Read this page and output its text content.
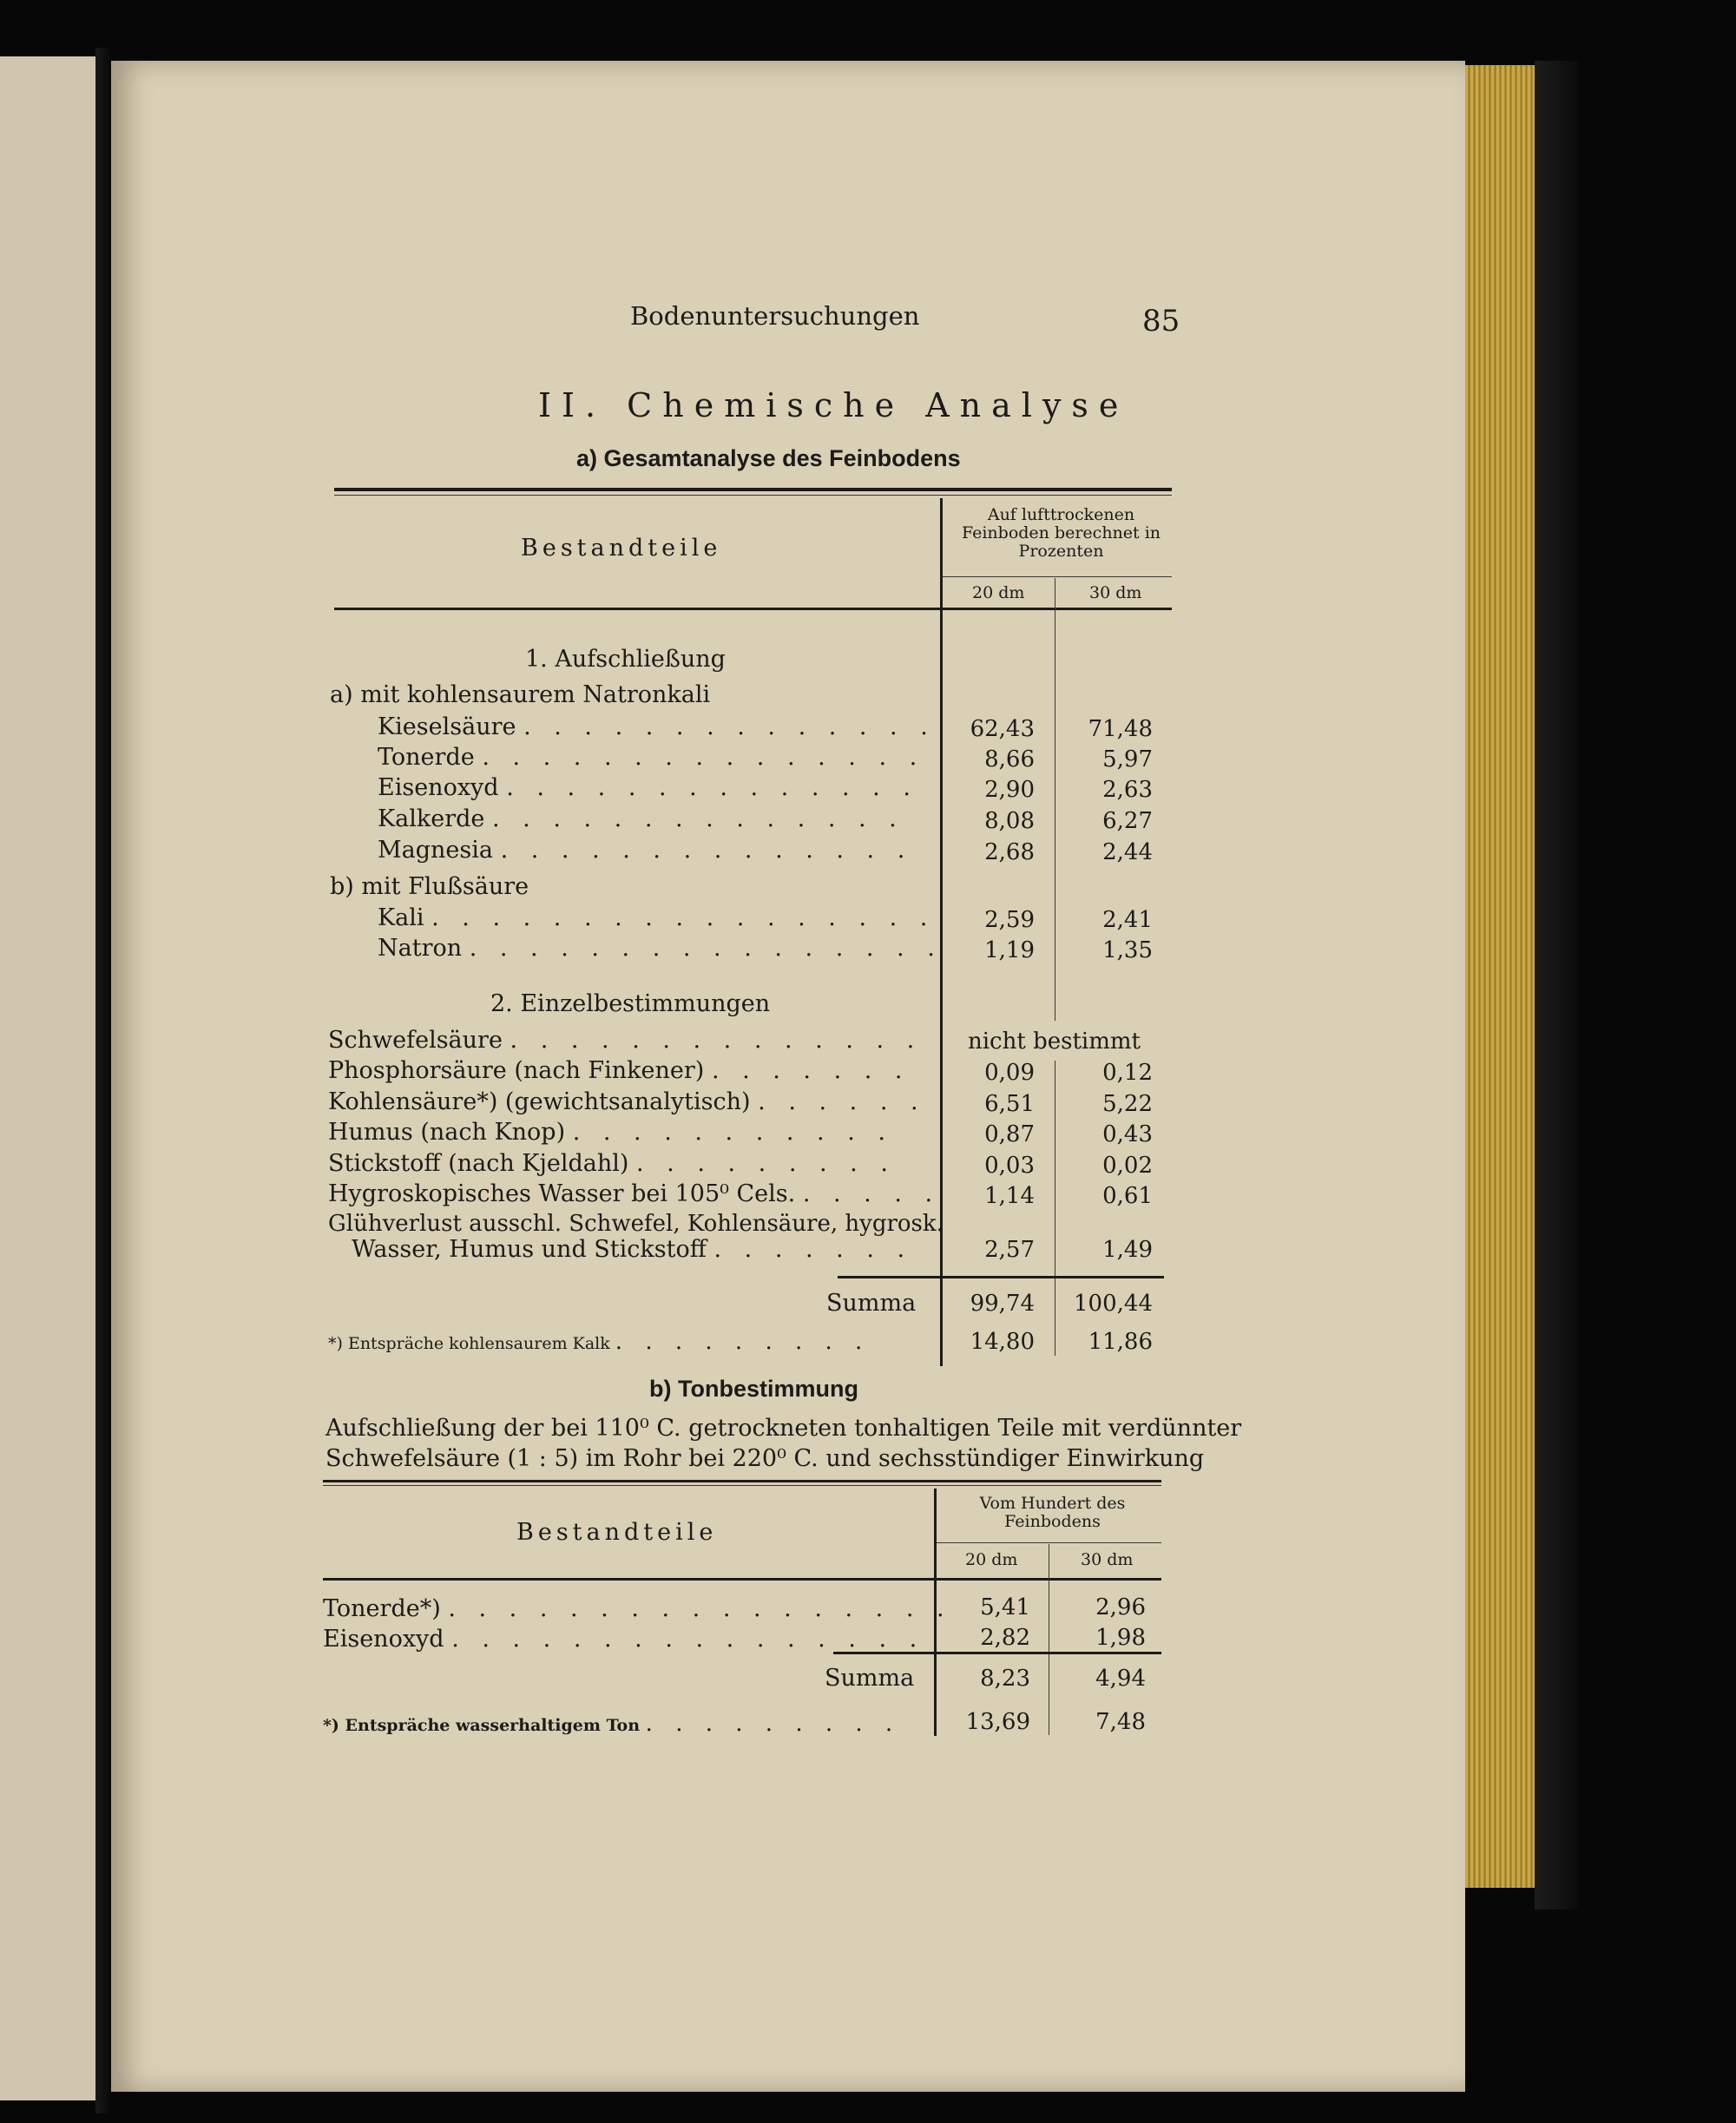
Bodenuntersuchungen	85
II. Chemische Analyse
a) Gesamtanalyse des Feinbodens
Bestandteile
Auf lufttrockenen Feinboden berechnet in Prozenten
20 dm	30 dm
1. Aufschließung
a) mit kohlensaurem Natronkali
Kieselsäure . . . . . . . . . . . . . .	62,43	71,48
Tonerde . . . . . . . . . . . . . . .	8,66	5,97
Eisenoxyd . . . . . . . . . . . . . .	2,90	2,63
Kalkerde . . . . . . . . . . . . . .	8,08	6,27
Magnesia . . . . . . . . . . . . . .	2,68	2,44
b) mit Flußsäure
Kali . . . . . . . . . . . . . . . . .	2,59	2,41
Natron . . . . . . . . . . . . . . . .	1,19	1,35
2. Einzelbestimmungen
Schwefelsäure . . . . . . . . . . . . . . nicht bestimmt
Phosphorsäure (nach Finkener) . . . . . . .	0,09	0,12
Kohlensäure*) (gewichtsanalytisch) . . . . . .	6,51	5,22
Humus (nach Knop) . . . . . . . . . . .	0,87	0,43
Stickstoff (nach Kjeldahl) . . . . . . . . .	0,03	0,02
Hygroskopisches Wasser bei 105⁰ Cels. . . . . .	1,14	0,61
Glühverlust ausschl. Schwefel, Kohlensäure, hygrosk.
Wasser, Humus und Stickstoff . . . . . . .	2,57	1,49
Summa	99,74 100,44
*) Entspräche kohlensaurem Kalk . . . . . . . . .	14,80	11,86
b) Tonbestimmung
Aufschließung der bei 110⁰ C. getrockneten tonhaltigen Teile mit verdünnter
Schwefelsäure (1 : 5) im Rohr bei 220⁰ C. und sechsstündiger Einwirkung
Bestandteile
Vom Hundert des Feinbodens
20 dm	30 dm
Tonerde*) . . . . . . . . . . . . . . . . .	5,41	2,96
Eisenoxyd . . . . . . . . . . . . . . . .	2,82	1,98
Summa	8,23	4,94
*) Entspräche wasserhaltigem Ton . . . . . . . . .	13,69	7,48
